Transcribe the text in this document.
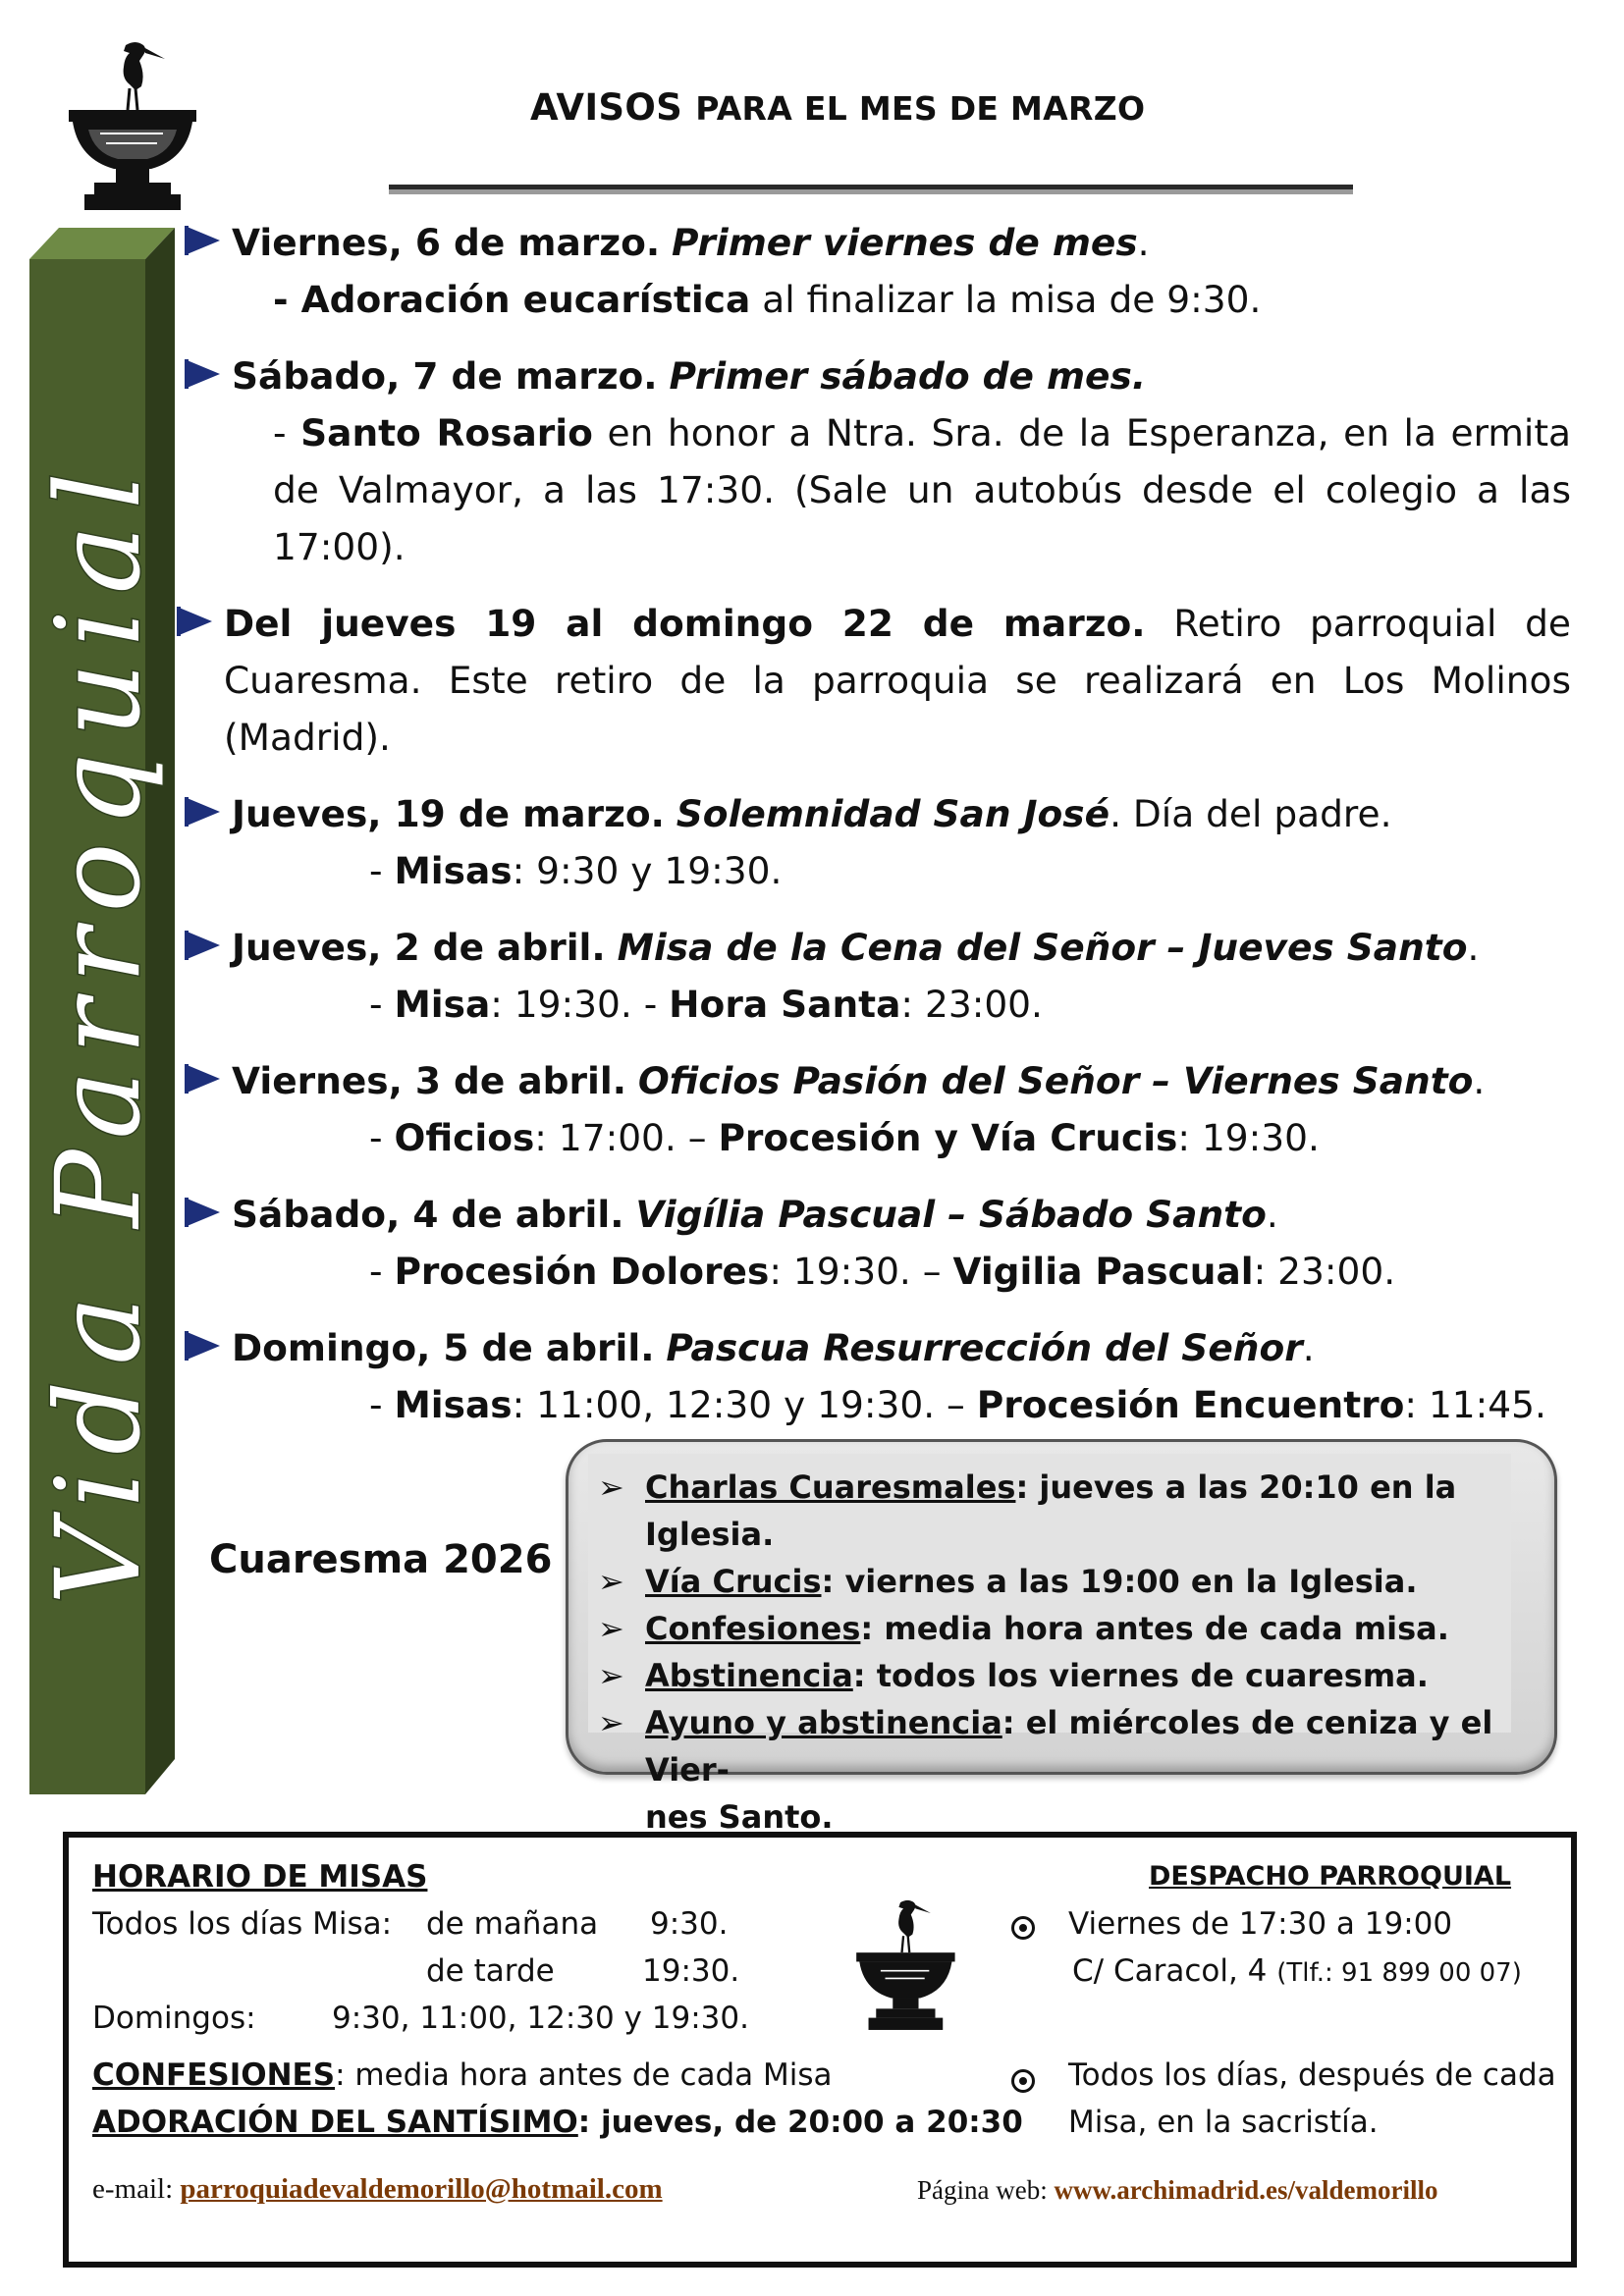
AVISOS PARA EL MES DE MARZO
Vida Parroquial
Viernes, 6 de marzo. Primer viernes de mes.
- Adoración eucarística al finalizar la misa de 9:30.
Sábado, 7 de marzo. Primer sábado de mes.
- Santo Rosario en honor a Ntra. Sra. de la Esperanza, en la ermita de Valmayor, a las 17:30. (Sale un autobús desde el colegio a las 17:00).
Del jueves 19 al domingo 22 de marzo. Retiro parroquial de Cuaresma. Este retiro de la parroquia se realizará en Los Molinos (Madrid).
Jueves, 19 de marzo. Solemnidad San José. Día del padre.
- Misas: 9:30 y 19:30.
Jueves, 2 de abril. Misa de la Cena del Señor – Jueves Santo.
- Misa: 19:30. - Hora Santa: 23:00.
Viernes, 3 de abril. Oficios Pasión del Señor – Viernes Santo.
- Oficios: 17:00. – Procesión y Vía Crucis: 19:30.
Sábado, 4 de abril. Vigília Pascual – Sábado Santo.
- Procesión Dolores: 19:30. – Vigilia Pascual: 23:00.
Domingo, 5 de abril. Pascua Resurrección del Señor.
- Misas: 11:00, 12:30 y 19:30. – Procesión Encuentro: 11:45.
Cuaresma 2026
➢ Charlas Cuaresmales: jueves a las 20:10 en la Iglesia.
➢ Vía Crucis: viernes a las 19:00 en la Iglesia.
➢ Confesiones: media hora antes de cada misa.
➢ Abstinencia: todos los viernes de cuaresma.
➢ Ayuno y abstinencia: el miércoles de ceniza y el Vier-
nes Santo.
HORARIO DE MISAS
Todos los días Misa: de mañana 9:30.
de tarde	19:30.
Domingos: 9:30, 11:00, 12:30 y 19:30.
CONFESIONES: media hora antes de cada Misa
ADORACIÓN DEL SANTÍSIMO: jueves, de 20:00 a 20:30
DESPACHO PARROQUIAL
Viernes de 17:30 a 19:00
C/ Caracol, 4 (Tlf.: 91 899 00 07)
Todos los días, después de cada
Misa, en la sacristía.
e-mail: parroquiadevaldemorillo@hotmail.com	Página web: www.archimadrid.es/valdemorillo
